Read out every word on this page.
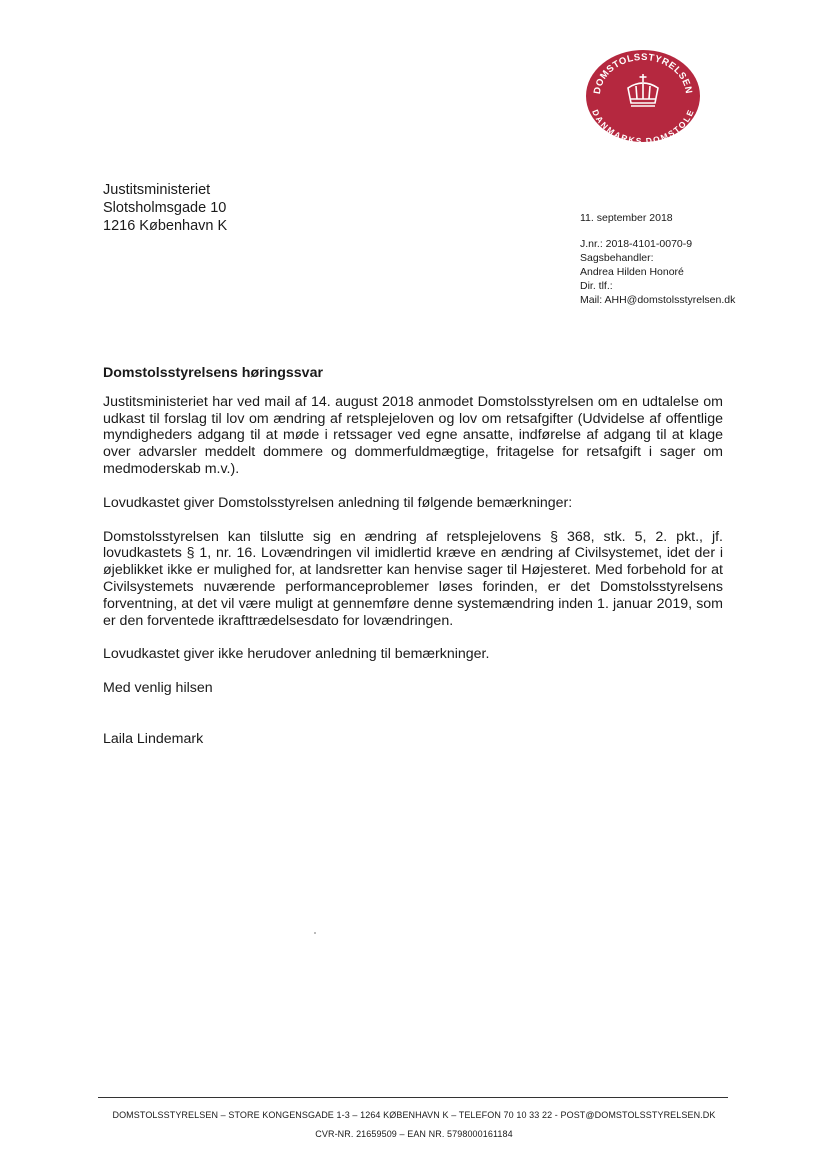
DOMSTOLSSTYRELSEN
DANMARKS DOMSTOLE
Justitsministeriet
Slotsholmsgade 10
1216 København K	11. september 2018
J.nr.: 2018-4101-0070-9
Sagsbehandler:
Andrea Hilden Honoré
Dir. tlf.:
Mail: AHH@domstolsstyrelsen.dk
Domstolsstyrelsens høringssvar

Justitsministeriet har ved mail af 14. august 2018 anmodet Domstolsstyrelsen om en udtalelse om udkast til forslag til lov om ændring af retsplejeloven og lov om retsafgifter (Udvidelse af offentlige myndigheders adgang til at møde i retssager ved egne ansatte, indførelse af adgang til at klage over advarsler meddelt dommere og dommerfuldmægtige, fritagelse for retsafgift i sager om medmoderskab m.v.).

Lovudkastet giver Domstolsstyrelsen anledning til følgende bemærkninger:

Domstolsstyrelsen kan tilslutte sig en ændring af retsplejelovens § 368, stk. 5, 2. pkt., jf. lovudkastets § 1, nr. 16. Lovændringen vil imidlertid kræve en ændring af Civilsystemet, idet der i øjeblikket ikke er mulighed for, at landsretter kan henvise sager til Højesteret. Med forbehold for at Civilsystemets nuværende performanceproblemer løses forinden, er det Domstolsstyrelsens forventning, at det vil være muligt at gennemføre denne systemændring inden 1. januar 2019, som er den forventede ikrafttrædelsesdato for lovændringen.

Lovudkastet giver ikke herudover anledning til bemærkninger.

Med venlig hilsen

Laila Lindemark

DOMSTOLSSTYRELSEN – STORE KONGENSGADE 1-3 – 1264 KØBENHAVN K – TELEFON 70 10 33 22 - POST@DOMSTOLSSTYRELSEN.DK
CVR-NR. 21659509 – EAN NR. 5798000161184
